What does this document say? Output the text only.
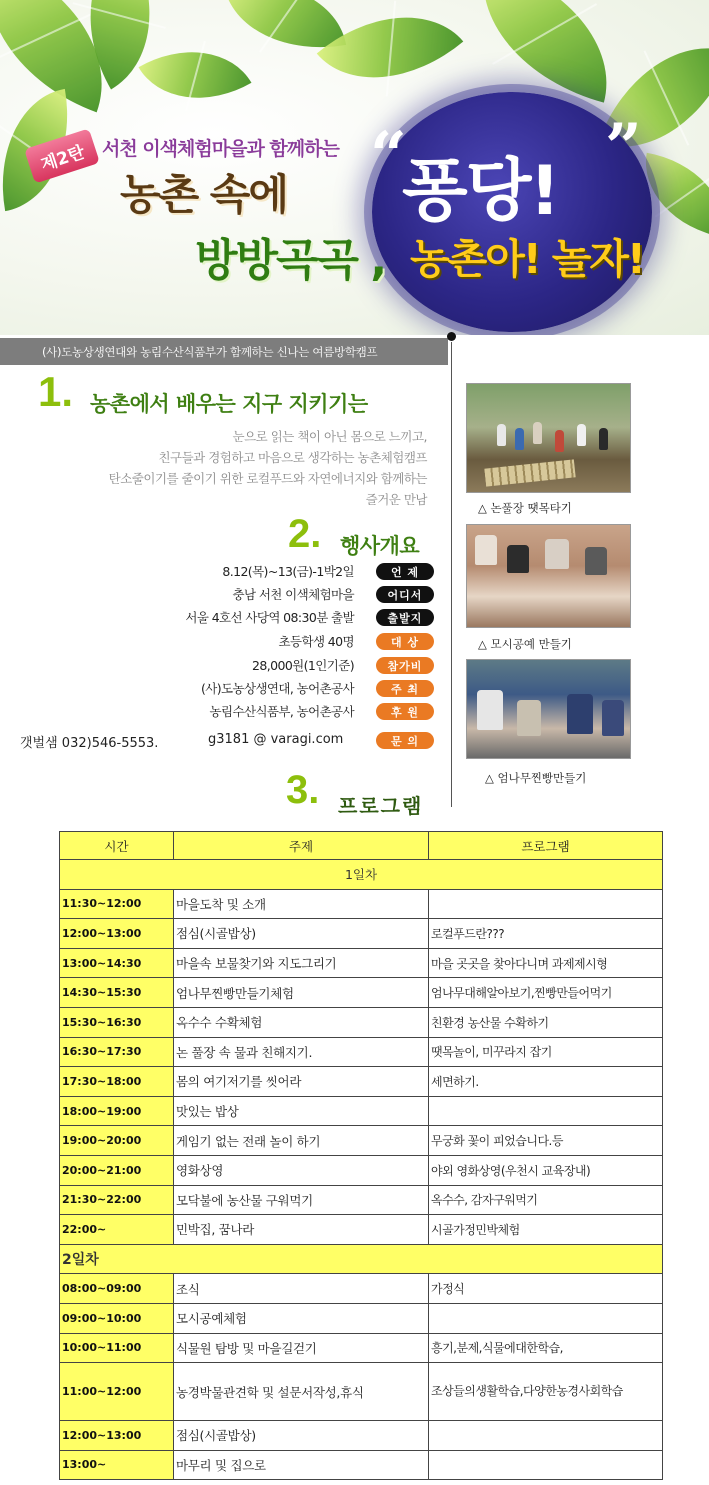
제2탄 서천 이색체험마을과 함께하는 “
퐁당!
”
농촌 속에
방방곡곡 , 농촌아! 놀자!
(사)도농상생연대와 농림수산식품부가 함께하는 신나는 여름방학캠프
1. 농촌에서 배우는 지구 지키기는
눈으로 읽는 책이 아닌 몸으로 느끼고,
친구들과 경험하고 마음으로 생각하는 농촌체험캠프
탄소줄이기를 줄이기 위한 로컬푸드와 자연에너지와 함께하는
즐거운 만남
2. 행사개요
8.12(목)~13(금)-1박2일	언 제
충남 서천 이색체험마을	어디서
서울 4호선 사당역 08:30분 출발	출발지
초등학생 40명	대 상
28,000원(1인기준)	참가비
(사)도농상생연대, 농어촌공사	주 최
농림수산식품부, 농어촌공사	후 원
갯벌샘 032)546-5553.	g3181 @ varagi.com	문 의
△ 논풀장 땟목타기
△ 모시공예 만들기
△ 엄나무찐빵만들기
3. 프로그램
시간	주제	프로그램
1일차		
11:30~12:00	마을도착 및 소개	
12:00~13:00	점심(시골밥상)	로컬푸드란???
13:00~14:30	마을속 보물찾기와 지도그리기	마을 곳곳을 찾아다니며 과제제시형
14:30~15:30	엄나무찐빵만들기체험	엄나무대해알아보기,찐빵만들어먹기
15:30~16:30	옥수수 수확체험	친환경 농산물 수확하기
16:30~17:30	논 풀장 속 물과 친해지기.	땟목놀이, 미꾸라지 잡기
17:30~18:00	몸의 여기저기를 씻어라	세면하기.
18:00~19:00	맛있는 밥상	
19:00~20:00	게임기 없는 전래 놀이 하기	무궁화 꽃이 피었습니다.등
20:00~21:00	영화상영	야외 영화상영(우천시 교육장내)
21:30~22:00	모닥불에 농산물 구워먹기	옥수수, 감자구워먹기
22:00~	민박집, 꿈나라	시골가정민박체험
2일차		
08:00~09:00	조식	가정식
09:00~10:00	모시공예체험	
10:00~11:00	식물원 탐방 및 마을길걷기	흥기,분제,식물에대한학습,
11:00~12:00	농경박물관견학 및 설문서작성,휴식	조상들의생활학습,다양한농경사회학습
12:00~13:00	점심(시골밥상)	
13:00~	마무리 및 집으로	
